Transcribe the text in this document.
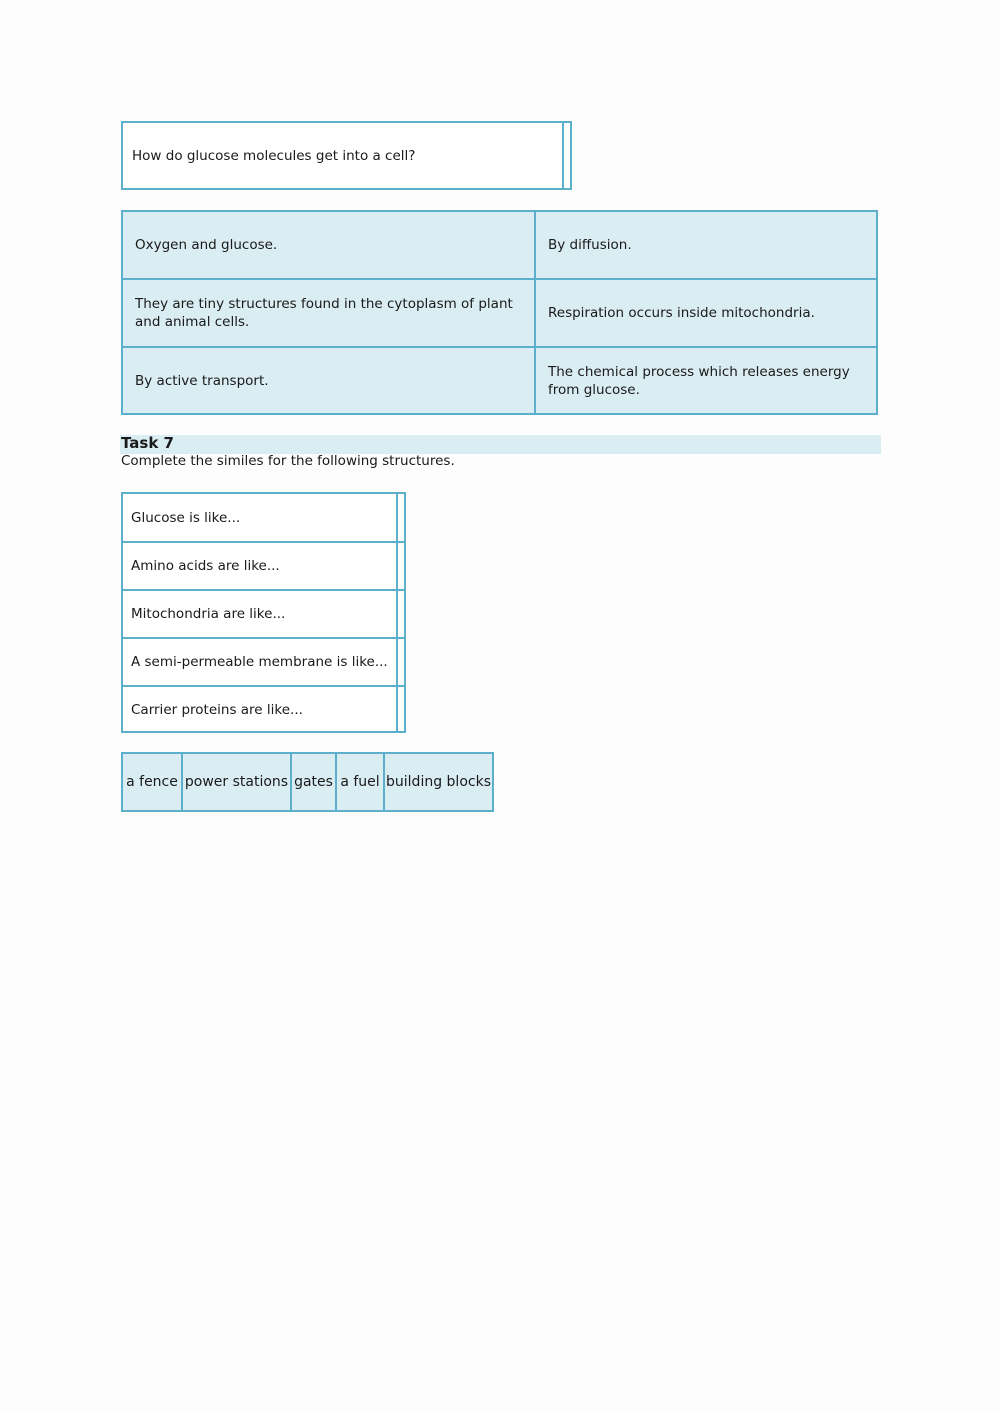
How do glucose molecules get into a cell?
Oxygen and glucose.	By diffusion.
They are tiny structures found in the cytoplasm of plant and animal cells.
Respiration occurs inside mitochondria.
By active transport.
The chemical process which releases energy from glucose.
Task 7
Complete the similes for the following structures.
Glucose is like...
Amino acids are like...
Mitochondria are like...
A semi-permeable membrane is like...
Carrier proteins are like...
a fence power stations gates a fuel building blocks
